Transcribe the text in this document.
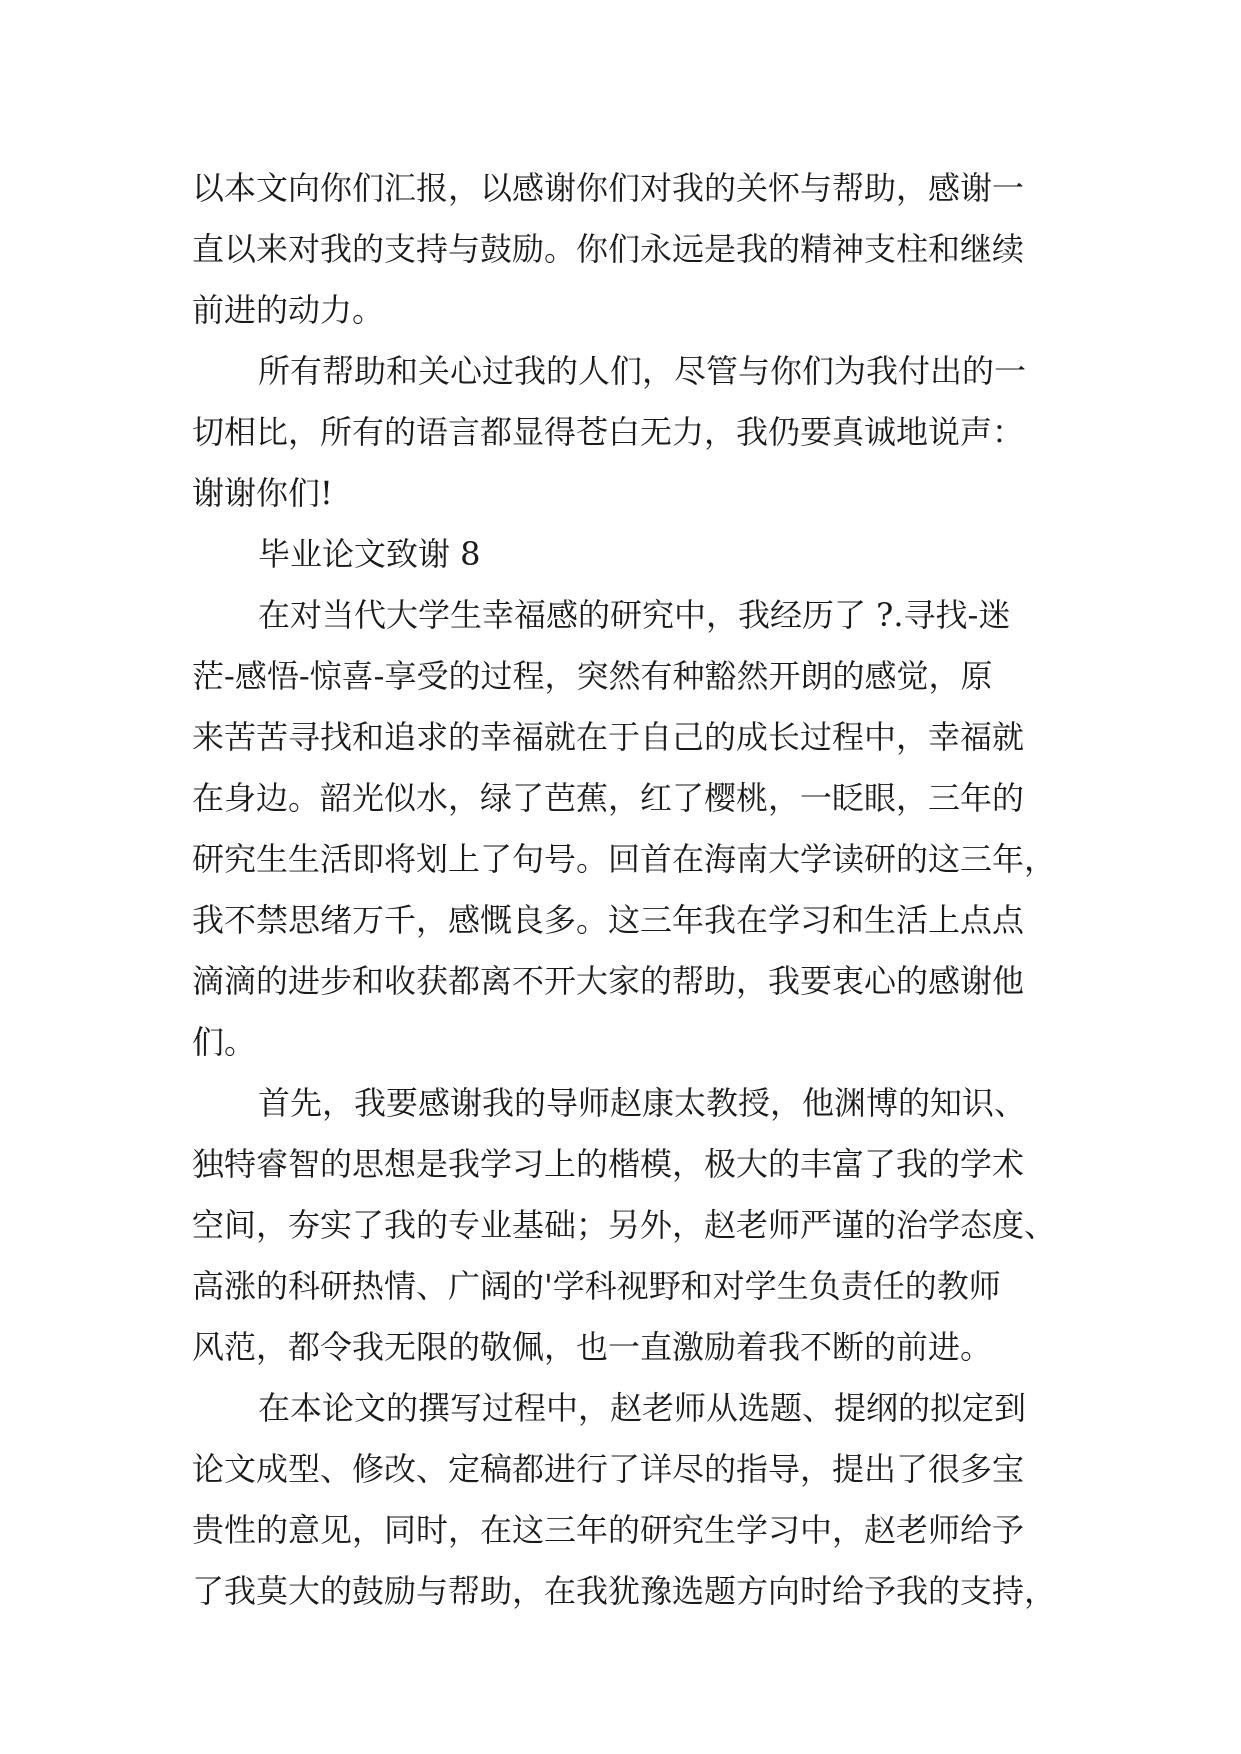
以本文向你们汇报，以感谢你们对我的关怀与帮助，感谢一
直以来对我的支持与鼓励。你们永远是我的精神支柱和继续
前进的动力。
所有帮助和关心过我的人们，尽管与你们为我付出的一
切相比，所有的语言都显得苍白无力，我仍要真诚地说声：
谢谢你们!
毕业论文致谢 8
在对当代大学生幸福感的研究中，我经历了 ?.寻找-迷
茫-感悟-惊喜-享受的过程，突然有种豁然开朗的感觉，原
来苦苦寻找和追求的幸福就在于自己的成长过程中，幸福就
在身边。韶光似水，绿了芭蕉，红了樱桃，一眨眼，三年的
研究生生活即将划上了句号。回首在海南大学读研的这三年，
我不禁思绪万千，感慨良多。这三年我在学习和生活上点点
滴滴的进步和收获都离不开大家的帮助，我要衷心的感谢他
们。
首先，我要感谢我的导师赵康太教授，他渊博的知识、
独特睿智的思想是我学习上的楷模，极大的丰富了我的学术
空间，夯实了我的专业基础；另外，赵老师严谨的治学态度、
高涨的科研热情、广阔的'学科视野和对学生负责任的教师
风范，都令我无限的敬佩，也一直激励着我不断的前进。
在本论文的撰写过程中，赵老师从选题、提纲的拟定到
论文成型、修改、定稿都进行了详尽的指导，提出了很多宝
贵性的意见，同时，在这三年的研究生学习中，赵老师给予
了我莫大的鼓励与帮助，在我犹豫选题方向时给予我的支持，
